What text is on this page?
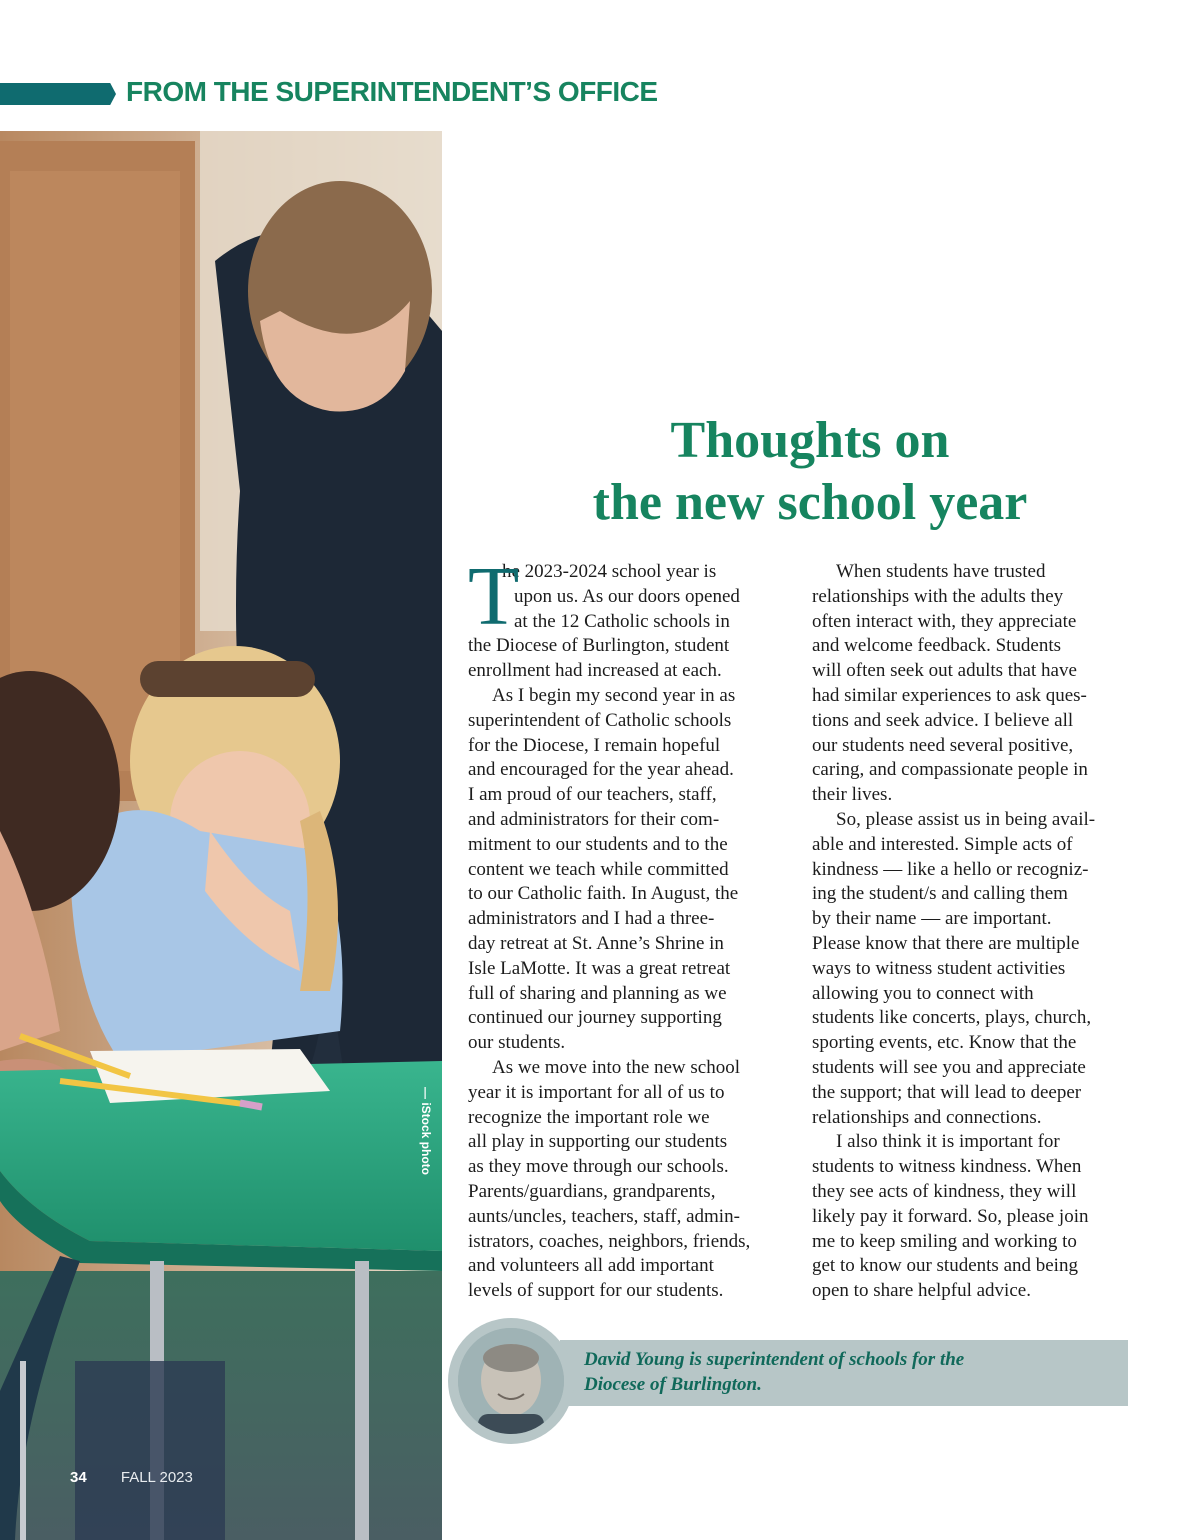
FROM THE SUPERINTENDENT’S OFFICE
— iStock photo
34 FALL 2023
Thoughts on
the new school year
T
he 2023-2024 school year is
upon us. As our doors opened
at the 12 Catholic schools in
the Diocese of Burlington, student
enrollment had increased at each.
As I begin my second year in as
superintendent of Catholic schools
for the Diocese, I remain hopeful
and encouraged for the year ahead.
I am proud of our teachers, staff,
and administrators for their com-
mitment to our students and to the
content we teach while committed
to our Catholic faith. In August, the
administrators and I had a three-
day retreat at St. Anne’s Shrine in
Isle LaMotte. It was a great retreat
full of sharing and planning as we
continued our journey supporting
our students.
As we move into the new school
year it is important for all of us to
recognize the important role we
all play in supporting our students
as they move through our schools.
Parents/guardians, grandparents,
aunts/uncles, teachers, staff, admin-
istrators, coaches, neighbors, friends,
and volunteers all add important
levels of support for our students.
When students have trusted
relationships with the adults they
often interact with, they appreciate
and welcome feedback. Students
will often seek out adults that have
had similar experiences to ask ques-
tions and seek advice. I believe all
our students need several positive,
caring, and compassionate people in
their lives.
So, please assist us in being avail-
able and interested. Simple acts of
kindness — like a hello or recogniz-
ing the student/s and calling them
by their name — are important.
Please know that there are multiple
ways to witness student activities
allowing you to connect with
students like concerts, plays, church,
sporting events, etc. Know that the
students will see you and appreciate
the support; that will lead to deeper
relationships and connections.
I also think it is important for
students to witness kindness. When
they see acts of kindness, they will
likely pay it forward. So, please join
me to keep smiling and working to
get to know our students and being
open to share helpful advice.
David Young is superintendent of schools for the
Diocese of Burlington.
